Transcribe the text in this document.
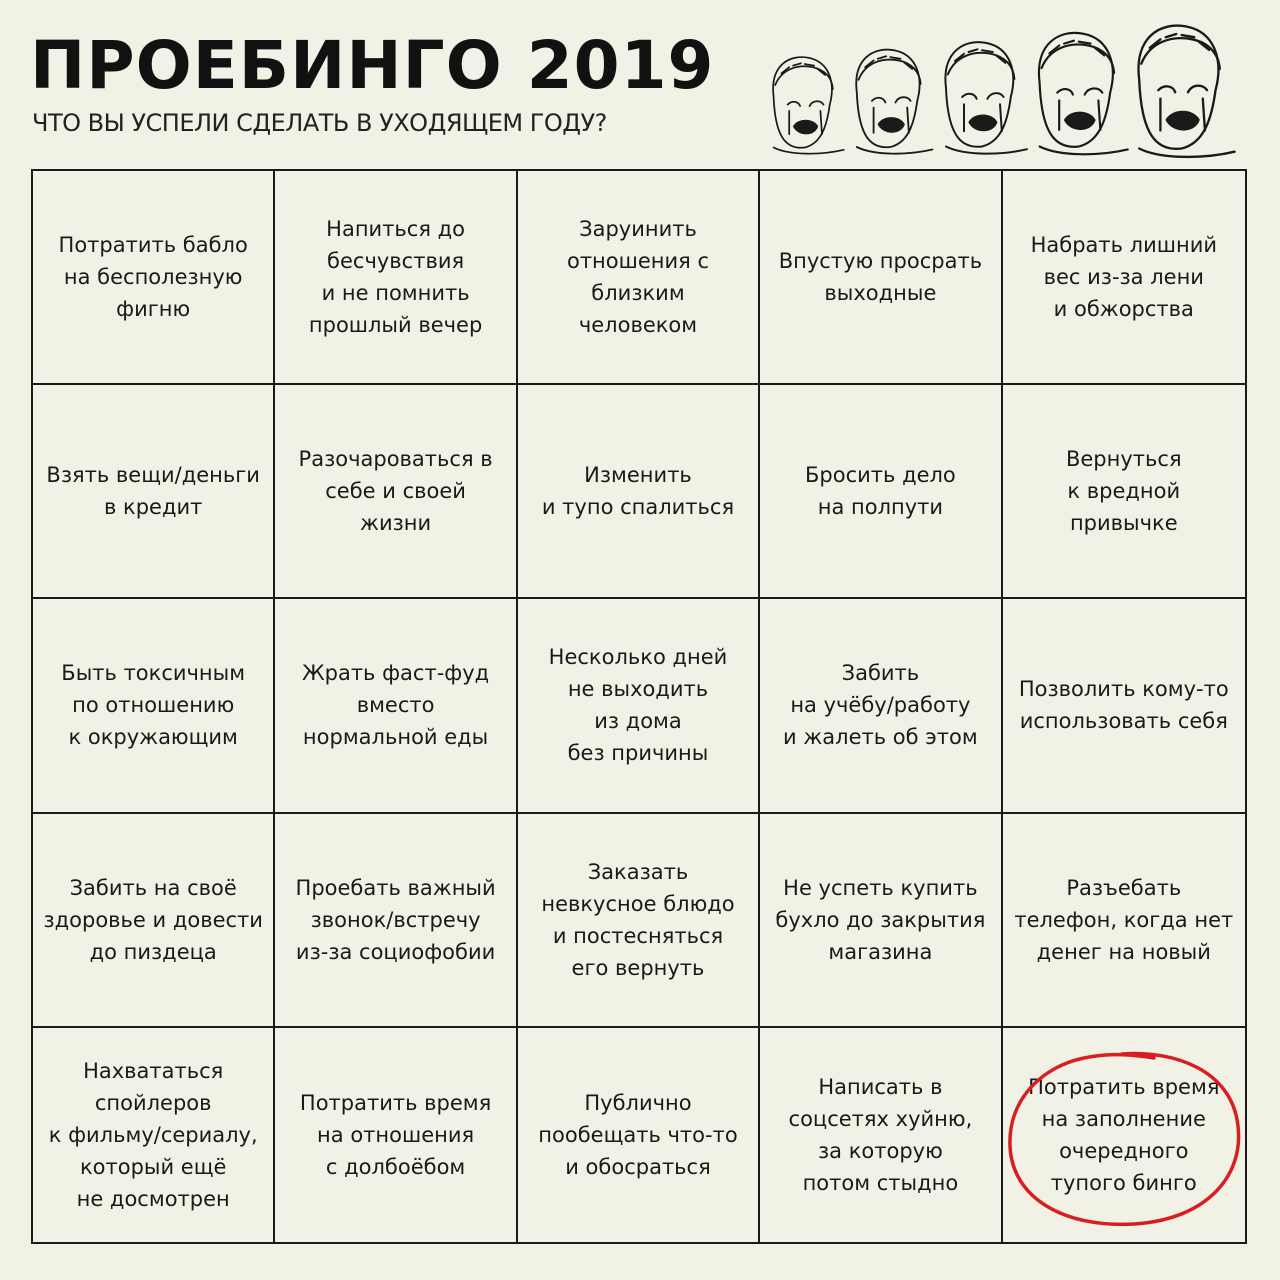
ПРОЕБИНГО 2019
ЧТО ВЫ УСПЕЛИ СДЕЛАТЬ В УХОДЯЩЕМ ГОДУ?
Потратить бабло
на бесполезную
фигню
Напиться до
бесчувствия
и не помнить
прошлый вечер
Зарyинить
отношения с
близким
человеком
Впустую просрать
выходные
Набрать лишний
вес из-за лени
и обжорства
Взять вещи/деньги
в кредит
Разочароваться в
себе и своей
жизни
Изменить
и тупо спалиться
Бросить дело
на полпути
Вернуться
к вредной
привычке
Быть токсичным
по отношению
к окружающим
Жрать фаст-фуд
вместо
нормальной еды
Несколько дней
не выходить
из дома
без причины
Забить
на учёбу/работу
и жалеть об этом
Позволить кому-то
использовать себя
Забить на своё
здоровье и довести
до пиздеца
Проебать важный
звонок/встречу
из-за социофобии
Заказать
невкусное блюдо
и постесняться
его вернуть
Не успеть купить
бухло до закрытия
магазина
Разъебать
телефон, когда нет
денег на новый
Нахвататься
спойлеров
к фильму/сериалу,
который ещё
не досмотрен
Потратить время
на отношения
с долбоёбом
Публично
пообещать что-то
и обосраться
Написать в
соцсетях хуйню,
за которую
потом стыдно
Потратить время
на заполнение
очередного
тупого бинго
